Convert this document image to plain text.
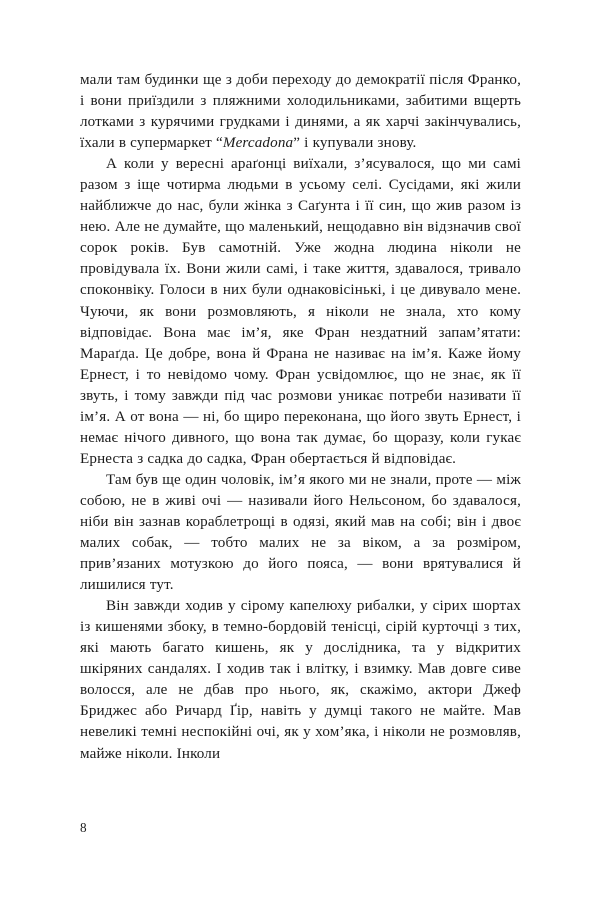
мали там будинки ще з доби переходу до демократії після Франко, і вони приїздили з пляжними холодильниками, забитими вщерть лотками з курячими грудками і динями, а як харчі закінчувались, їхали в супермаркет “Mercadona” і купували знову.

А коли у вересні араґонці виїхали, з’ясувалося, що ми самі разом з іще чотирма людьми в усьому селі. Сусідами, які жили найближче до нас, були жінка з Саґунта і її син, що жив разом із нею. Але не думайте, що маленький, нещодавно він відзначив свої сорок років. Був самотній. Уже жодна людина ніколи не провідувала їх. Вони жили самі, і таке життя, здавалося, тривало споконвіку. Голоси в них були однаковісінькі, і це дивувало мене. Чуючи, як вони розмовляють, я ніколи не знала, хто кому відповідає. Вона має ім’я, яке Фран нездатний запам’ятати: Мараґда. Це добре, вона й Франа не називає на ім’я. Каже йому Ернест, і то невідомо чому. Фран усвідомлює, що не знає, як її звуть, і тому завжди під час розмови уникає потреби називати її ім’я. А от вона — ні, бо щиро переконана, що його звуть Ернест, і немає нічого дивного, що вона так думає, бо щоразу, коли гукає Ернеста з садка до садка, Фран обертається й відповідає.

Там був ще один чоловік, ім’я якого ми не знали, проте — між собою, не в живі очі — називали його Нельсоном, бо здавалося, ніби він зазнав кораблетрощі в одязі, який мав на собі; він і двоє малих собак, — тобто малих не за віком, а за розміром, прив’язаних мотузкою до його пояса, — вони врятувалися й лишилися тут.

Він завжди ходив у сірому капелюху рибалки, у сірих шортах із кишенями збоку, в темно-бордовій тенісці, сірій курточці з тих, які мають багато кишень, як у дослідника, та у відкритих шкіряних сандалях. І ходив так і влітку, і взимку. Мав довге сиве волосся, але не дбав про нього, як, скажімо, актори Джеф Бриджес або Ричард Ґір, навіть у думці такого не майте. Мав невеликі темні неспокійні очі, як у хом’яка, і ніколи не розмовляв, майже ніколи. Інколи

8
